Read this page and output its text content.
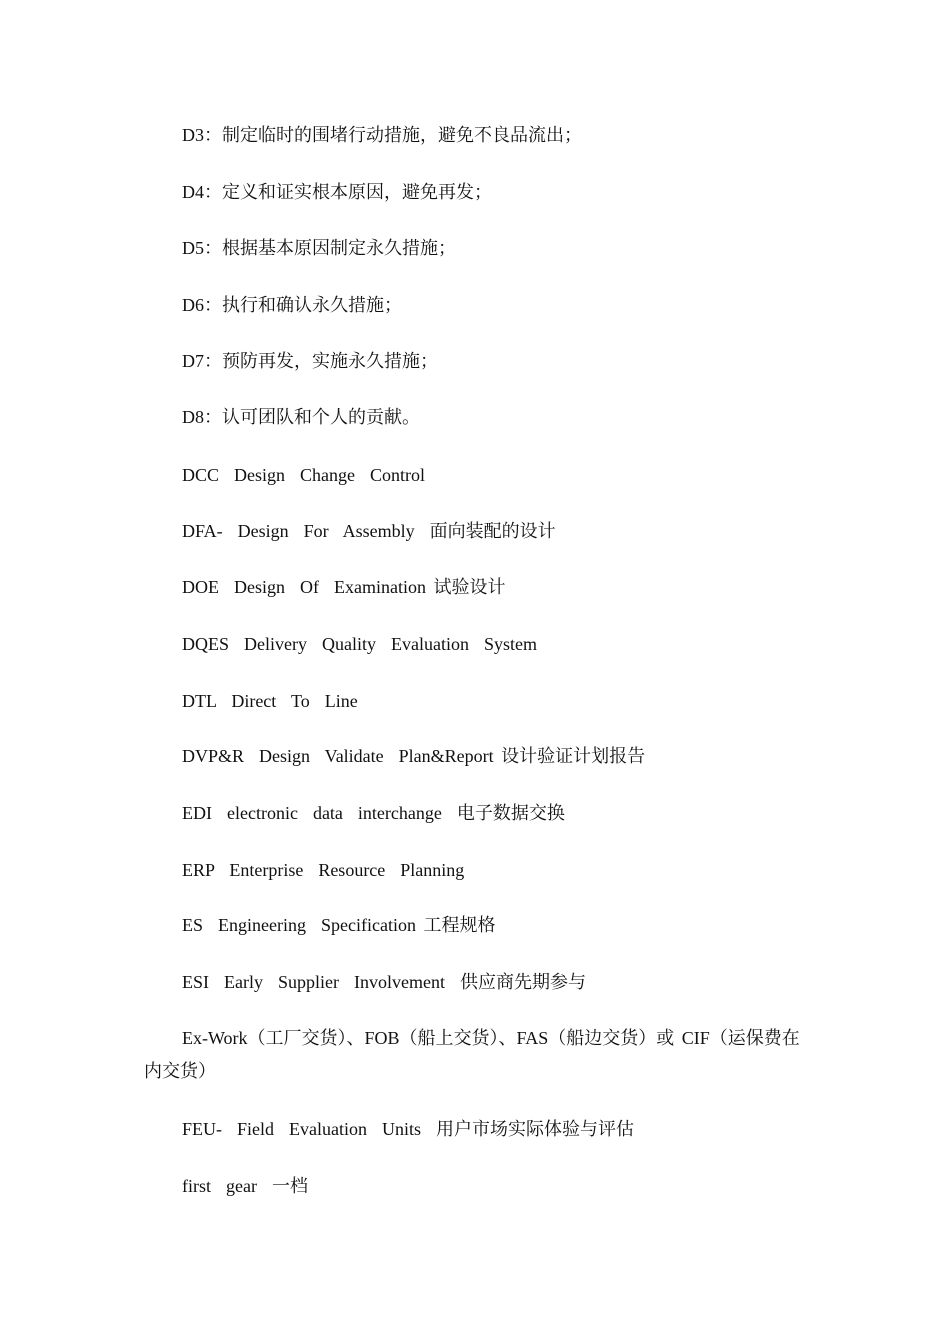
D3：制定临时的围堵行动措施，避免不良品流出；
D4：定义和证实根本原因，避免再发；
D5：根据基本原因制定永久措施；
D6：执行和确认永久措施；
D7：预防再发，实施永久措施；
D8：认可团队和个人的贡献。
DCC  Design  Change  Control
DFA-  Design  For  Assembly  面向装配的设计
DOE  Design  Of  Examination 试验设计
DQES  Delivery  Quality  Evaluation  System
DTL  Direct  To  Line
DVP&R  Design  Validate  Plan&Report 设计验证计划报告
EDI  electronic  data  interchange  电子数据交换
ERP  Enterprise  Resource  Planning
ES  Engineering  Specification 工程规格
ESI  Early  Supplier  Involvement  供应商先期参与
Ex-Work（工厂交货）、FOB（船上交货）、FAS（船边交货）或 CIF（运保费在内交货）
FEU-  Field  Evaluation  Units  用户市场实际体验与评估
first  gear  一档
